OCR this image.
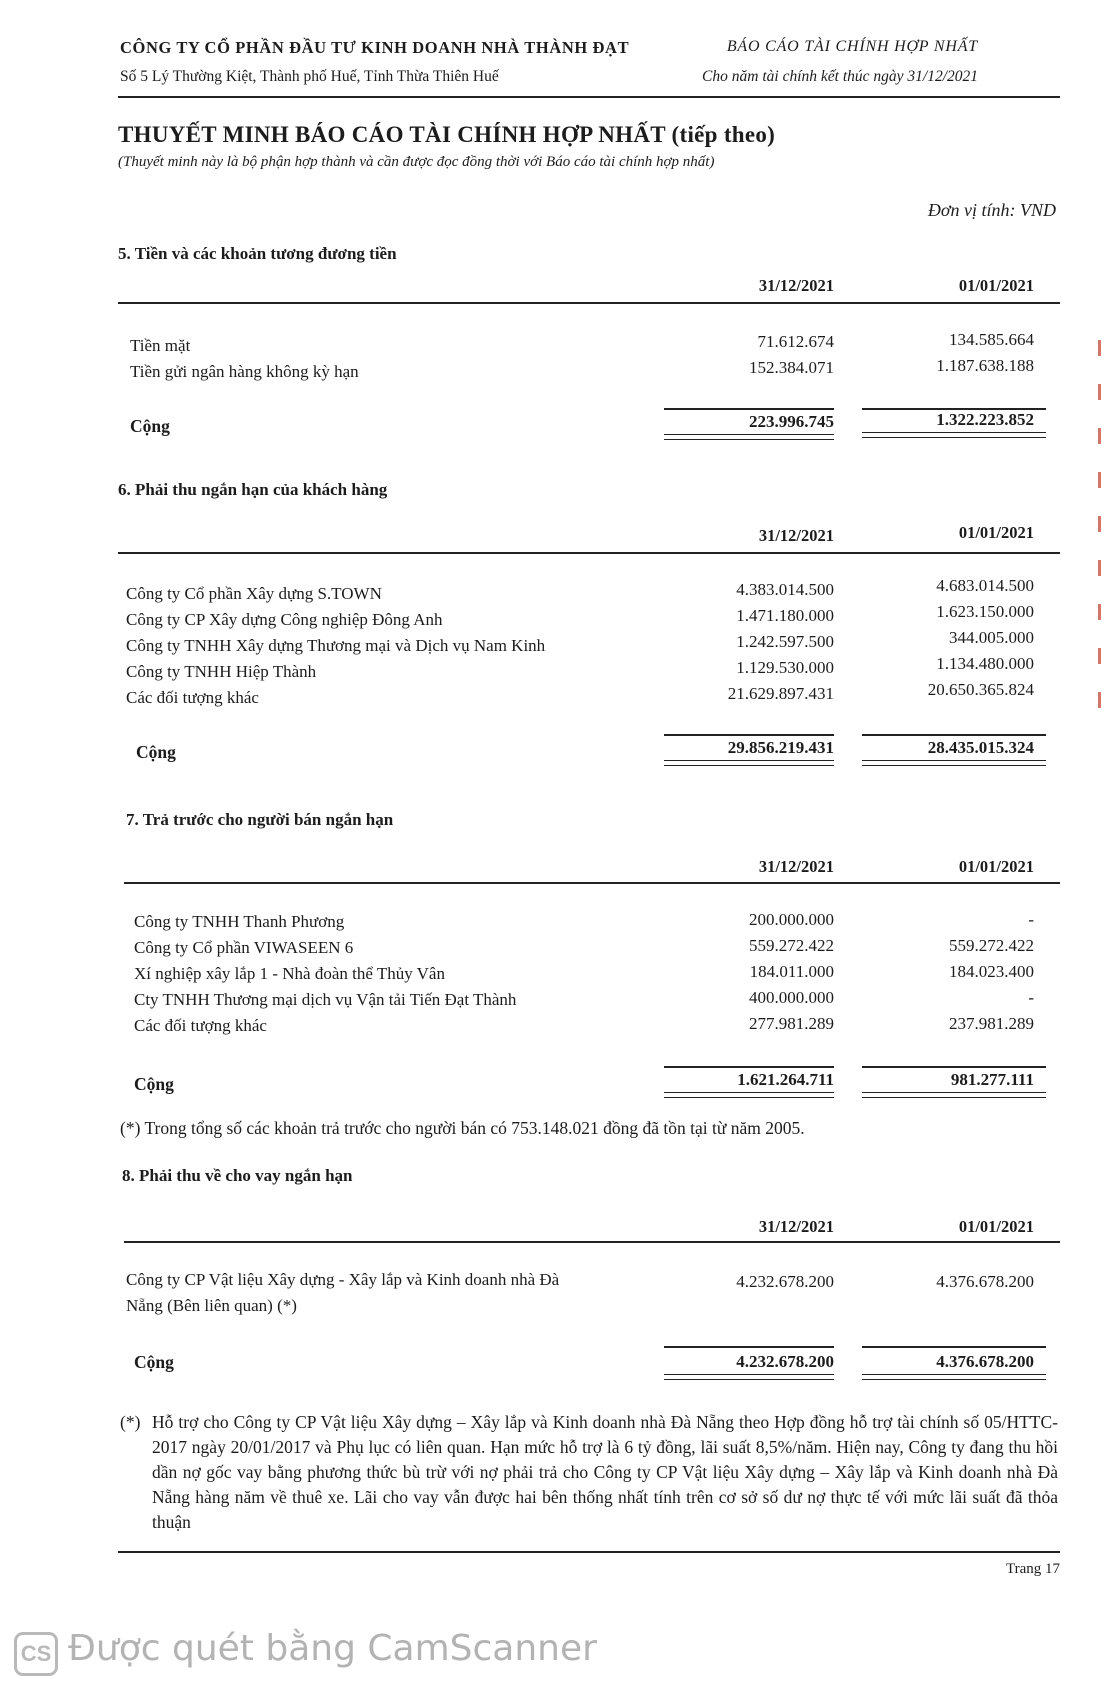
CÔNG TY CỔ PHẦN ĐẦU TƯ KINH DOANH NHÀ THÀNH ĐẠT
Số 5 Lý Thường Kiệt, Thành phố Huế, Tỉnh Thừa Thiên Huế
BÁO CÁO TÀI CHÍNH HỢP NHẤT
Cho năm tài chính kết thúc ngày 31/12/2021
THUYẾT MINH BÁO CÁO TÀI CHÍNH HỢP NHẤT (tiếp theo)
(Thuyết minh này là bộ phận hợp thành và cần được đọc đồng thời với Báo cáo tài chính hợp nhất)
Đơn vị tính: VND
5. Tiền và các khoản tương đương tiền
31/12/2021	01/01/2021
Tiền mặt	71.612.674	134.585.664
Tiền gửi ngân hàng không kỳ hạn	152.384.071	1.187.638.188
Cộng	223.996.745	1.322.223.852
6. Phải thu ngắn hạn của khách hàng
31/12/2021	01/01/2021
Công ty Cổ phần Xây dựng S.TOWN	4.383.014.500	4.683.014.500
Công ty CP Xây dựng Công nghiệp Đông Anh	1.471.180.000	1.623.150.000
Công ty TNHH Xây dựng Thương mại và Dịch vụ Nam Kinh	1.242.597.500	344.005.000
Công ty TNHH Hiệp Thành	1.129.530.000	1.134.480.000
Các đối tượng khác	21.629.897.431	20.650.365.824
Cộng	29.856.219.431	28.435.015.324
7. Trả trước cho người bán ngắn hạn
31/12/2021	01/01/2021
Công ty TNHH Thanh Phương	200.000.000	-
Công ty Cổ phần VIWASEEN 6	559.272.422	559.272.422
Xí nghiệp xây lắp 1 - Nhà đoàn thể Thủy Vân	184.011.000	184.023.400
Cty TNHH Thương mại dịch vụ Vận tải Tiến Đạt Thành	400.000.000	-
Các đối tượng khác	277.981.289	237.981.289
Cộng	1.621.264.711	981.277.111
(*) Trong tổng số các khoản trả trước cho người bán có 753.148.021 đồng đã tồn tại từ năm 2005.
8. Phải thu về cho vay ngắn hạn
31/12/2021	01/01/2021
Công ty CP Vật liệu Xây dựng - Xây lắp và Kinh doanh nhà Đà
Nẵng (Bên liên quan) (*)
4.232.678.200	4.376.678.200
Cộng	4.232.678.200	4.376.678.200
(*) Hỗ trợ cho Công ty CP Vật liệu Xây dựng – Xây lắp và Kinh doanh nhà Đà Nẵng theo Hợp đồng hỗ trợ tài chính số 05/HTTC-2017 ngày 20/01/2017 và Phụ lục có liên quan. Hạn mức hỗ trợ là 6 tỷ đồng, lãi suất 8,5%/năm. Hiện nay, Công ty đang thu hồi dần nợ gốc vay bằng phương thức bù trừ với nợ phải trả cho Công ty CP Vật liệu Xây dựng – Xây lắp và Kinh doanh nhà Đà Nẵng hàng năm về thuê xe. Lãi cho vay vẫn được hai bên thống nhất tính trên cơ sở số dư nợ thực tế với mức lãi suất đã thỏa thuận
Trang 17
CS Được quét bằng CamScanner
